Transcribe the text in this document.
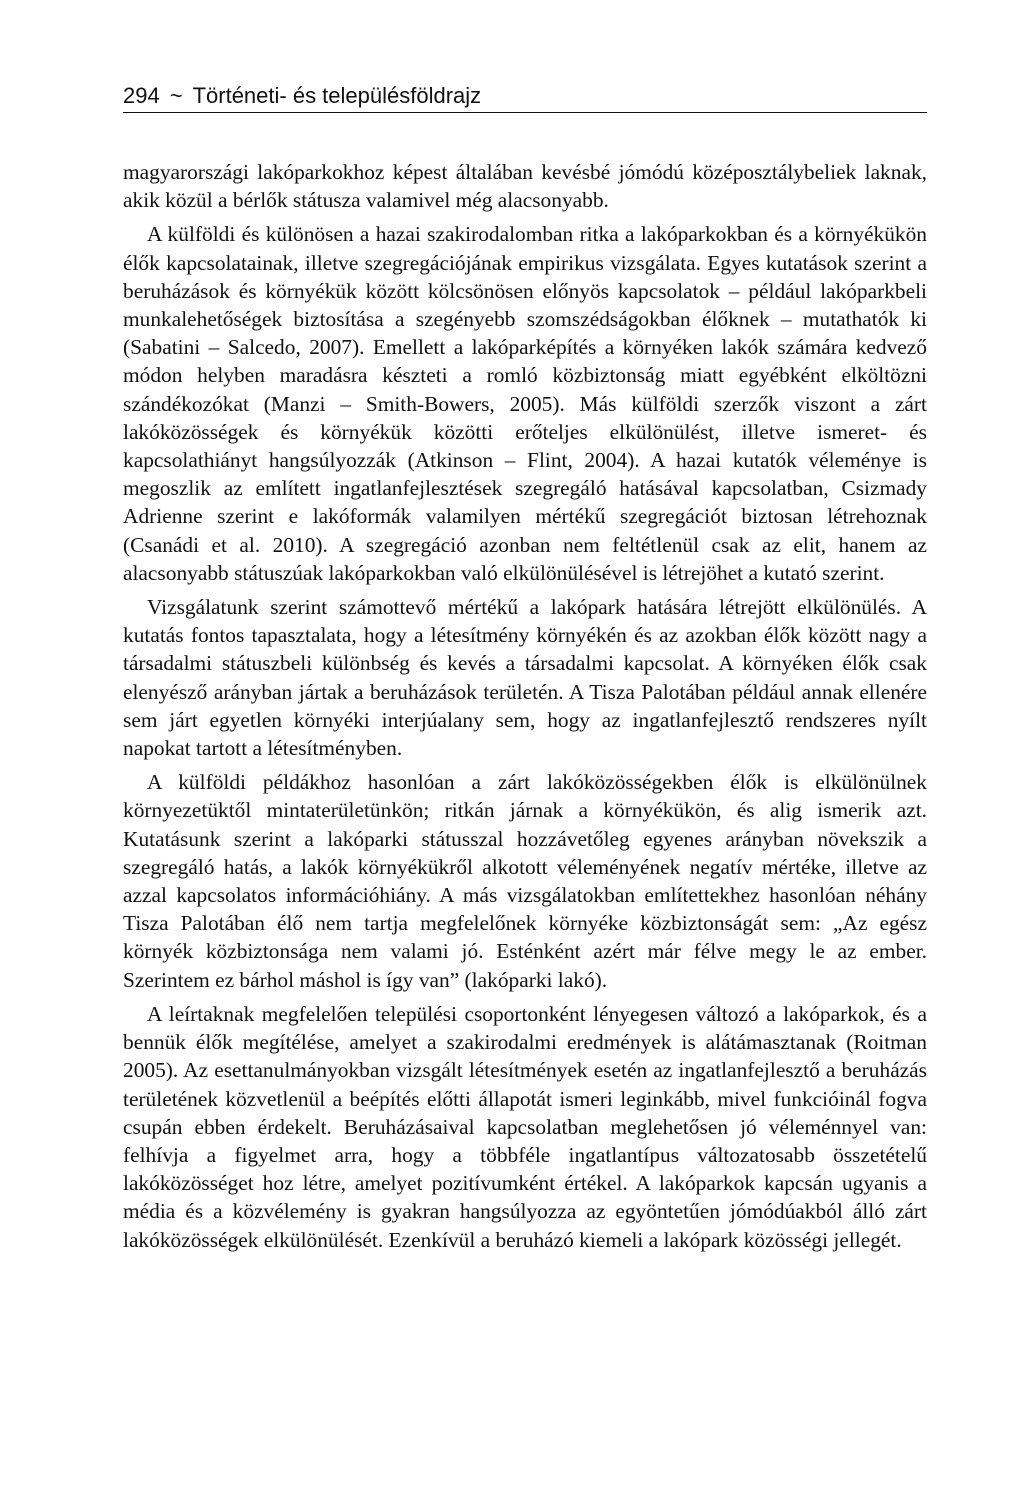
294 ~ Történeti- és településföldrajz

magyarországi lakóparkokhoz képest általában kevésbé jómódú középosztálybeliek laknak, akik közül a bérlők státusza valamivel még alacsonyabb.

A külföldi és különösen a hazai szakirodalomban ritka a lakóparkokban és a környékükön élők kapcsolatainak, illetve szegregációjának empirikus vizsgálata. Egyes kutatások szerint a beruházások és környékük között kölcsönösen előnyös kapcsolatok – például lakóparkbeli munkalehetőségek biztosítása a szegényebb szomszédságokban élőknek – mutathatók ki (Sabatini – Salcedo, 2007). Emellett a lakóparképítés a környéken lakók számára kedvező módon helyben maradásra készteti a romló közbiztonság miatt egyébként elköltözni szándékozókat (Manzi – Smith-Bowers, 2005). Más külföldi szerzők viszont a zárt lakóközösségek és környékük közötti erőteljes elkülönülést, illetve ismeret- és kapcsolathiányt hangsúlyozzák (Atkinson – Flint, 2004). A hazai kutatók véleménye is megoszlik az említett ingatlanfejlesztések szegregáló hatásával kapcsolatban, Csizmady Adrienne szerint e lakóformák valamilyen mértékű szegregációt biztosan létrehoznak (Csanádi et al. 2010). A szegregáció azonban nem feltétlenül csak az elit, hanem az alacsonyabb státuszúak lakóparkokban való elkülönülésével is létrejöhet a kutató szerint.

Vizsgálatunk szerint számottevő mértékű a lakópark hatására létrejött elkülönülés. A kutatás fontos tapasztalata, hogy a létesítmény környékén és az azokban élők között nagy a társadalmi státuszbeli különbség és kevés a társadalmi kapcsolat. A környéken élők csak elenyésző arányban jártak a beruházások területén. A Tisza Palotában például annak ellenére sem járt egyetlen környéki interjúalany sem, hogy az ingatlanfejlesztő rendszeres nyílt napokat tartott a létesítményben.

A külföldi példákhoz hasonlóan a zárt lakóközösségekben élők is elkülönülnek környezetüktől mintaterületünkön; ritkán járnak a környékükön, és alig ismerik azt. Kutatásunk szerint a lakóparki státusszal hozzávetőleg egyenes arányban növekszik a szegregáló hatás, a lakók környékükről alkotott véleményének negatív mértéke, illetve az azzal kapcsolatos információhiány. A más vizsgálatokban említettekhez hasonlóan néhány Tisza Palotában élő nem tartja megfelelőnek környéke közbiztonságát sem: „Az egész környék közbiztonsága nem valami jó. Esténként azért már félve megy le az ember. Szerintem ez bárhol máshol is így van” (lakóparki lakó).

A leírtaknak megfelelően települési csoportonként lényegesen változó a lakóparkok, és a bennük élők megítélése, amelyet a szakirodalmi eredmények is alátámasztanak (Roitman 2005). Az esettanulmányokban vizsgált létesítmények esetén az ingatlanfejlesztő a beruházás területének közvetlenül a beépítés előtti állapotát ismeri leginkább, mivel funkcióinál fogva csupán ebben érdekelt. Beruházásaival kapcsolatban meglehetősen jó véleménnyel van: felhívja a figyelmet arra, hogy a többféle ingatlantípus változatosabb összetételű lakóközösséget hoz létre, amelyet pozitívumként értékel. A lakóparkok kapcsán ugyanis a média és a közvélemény is gyakran hangsúlyozza az egyöntetűen jómódúakból álló zárt lakóközösségek elkülönülését. Ezenkívül a beruházó kiemeli a lakópark közösségi jellegét.
